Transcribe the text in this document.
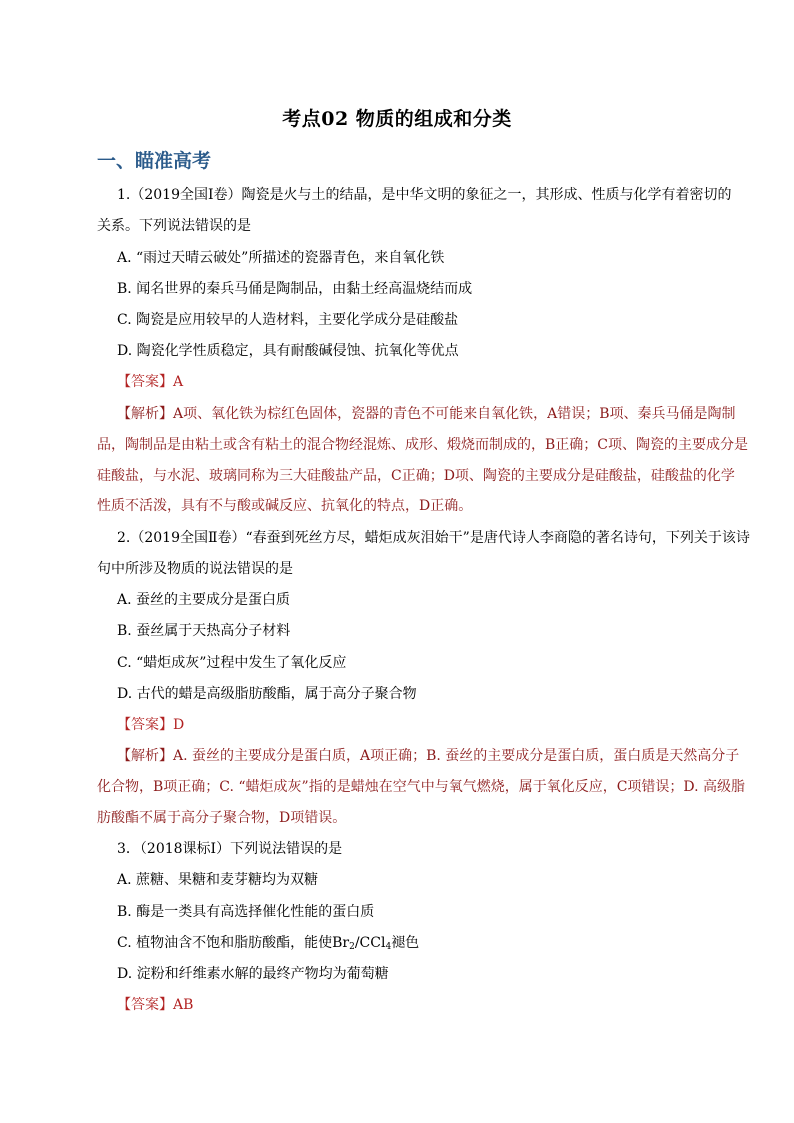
考点02 物质的组成和分类
一、瞄准高考
1.（2019全国Ⅰ卷）陶瓷是火与土的结晶，是中华文明的象征之一，其形成、性质与化学有着密切的
关系。下列说法错误的是
A. “雨过天晴云破处”所描述的瓷器青色，来自氧化铁
B. 闻名世界的秦兵马俑是陶制品，由黏土经高温烧结而成
C. 陶瓷是应用较早的人造材料，主要化学成分是硅酸盐
D. 陶瓷化学性质稳定，具有耐酸碱侵蚀、抗氧化等优点
【答案】A
【解析】A项、氧化铁为棕红色固体，瓷器的青色不可能来自氧化铁，A错误；B项、秦兵马俑是陶制
品，陶制品是由粘土或含有粘土的混合物经混炼、成形、煅烧而制成的，B正确；C项、陶瓷的主要成分是
硅酸盐，与水泥、玻璃同称为三大硅酸盐产品，C正确；D项、陶瓷的主要成分是硅酸盐，硅酸盐的化学
性质不活泼，具有不与酸或碱反应、抗氧化的特点，D正确。
2.（2019全国Ⅱ卷）“春蚕到死丝方尽，蜡炬成灰泪始干”是唐代诗人李商隐的著名诗句，下列关于该诗
句中所涉及物质的说法错误的是
A. 蚕丝的主要成分是蛋白质
B. 蚕丝属于天热高分子材料
C. “蜡炬成灰”过程中发生了氧化反应
D. 古代的蜡是高级脂肪酸酯，属于高分子聚合物
【答案】D
【解析】A. 蚕丝的主要成分是蛋白质，A项正确；B. 蚕丝的主要成分是蛋白质，蛋白质是天然高分子
化合物，B项正确；C. “蜡炬成灰”指的是蜡烛在空气中与氧气燃烧，属于氧化反应，C项错误；D. 高级脂
肪酸酯不属于高分子聚合物，D项错误。
3．（2018课标Ⅰ）下列说法错误的是
A. 蔗糖、果糖和麦芽糖均为双糖
B. 酶是一类具有高选择催化性能的蛋白质
C. 植物油含不饱和脂肪酸酯，能使$Br_2/CCl_4$褪色
D. 淀粉和纤维素水解的最终产物均为葡萄糖
【答案】AB
